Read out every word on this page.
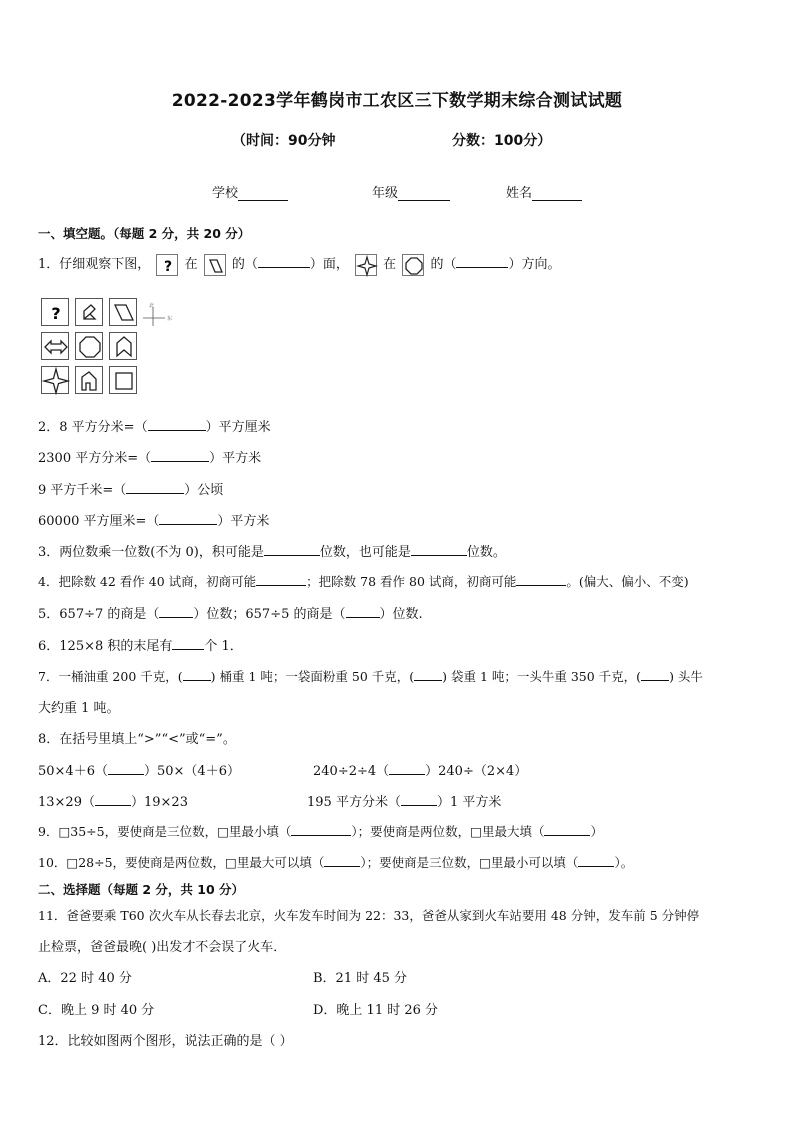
2022-2023学年鹤岗市工农区三下数学期末综合测试试题
（时间：90分钟	分数：100分）
学校	年级	姓名
一、填空题。（每题 2 分，共 20 分）
1．仔细观察下图， ? 在	的（	）面，	在	的（	）方向。
?	北
东
2．8 平方分米=（	）平方厘米
2300 平方分米=（	）平方米
9 平方千米=（	）公顷
60000 平方厘米=（	）平方米
3．两位数乘一位数(不为 0)，积可能是	位数，也可能是	位数。
4．把除数 42 看作 40 试商，初商可能	；把除数 78 看作 80 试商，初商可能	。(偏大、偏小、不变)
5．657÷7 的商是（	）位数；657÷5 的商是（	）位数.
6．125×8 积的末尾有 个 1．
7．一桶油重 200 千克，( ) 桶重 1 吨；一袋面粉重 50 千克，( ) 袋重 1 吨；一头牛重 350 千克，( ) 头牛
大约重 1 吨。
8．在括号里填上“>”“<”或“=”。
50×4＋6（	）50×（4＋6）	240÷2÷4（	）240÷（2×4）
13×29（	）19×23	195 平方分米（	）1 平方米
9．□35÷5，要使商是三位数，□里最小填（	）；要使商是两位数，□里最大填（	）
10．□28÷5，要使商是两位数，□里最大可以填（	）；要使商是三位数，□里最小可以填（	）。
二、选择题（每题 2 分，共 10 分）
11．爸爸要乘 T60 次火车从长春去北京，火车发车时间为 22：33，爸爸从家到火车站要用 48 分钟，发车前 5 分钟停
止检票，爸爸最晚( )出发才不会误了火车．
A．22 时 40 分	B．21 时 45 分
C．晚上 9 时 40 分	D．晚上 11 时 26 分
12．比较如图两个图形，说法正确的是（ ）
